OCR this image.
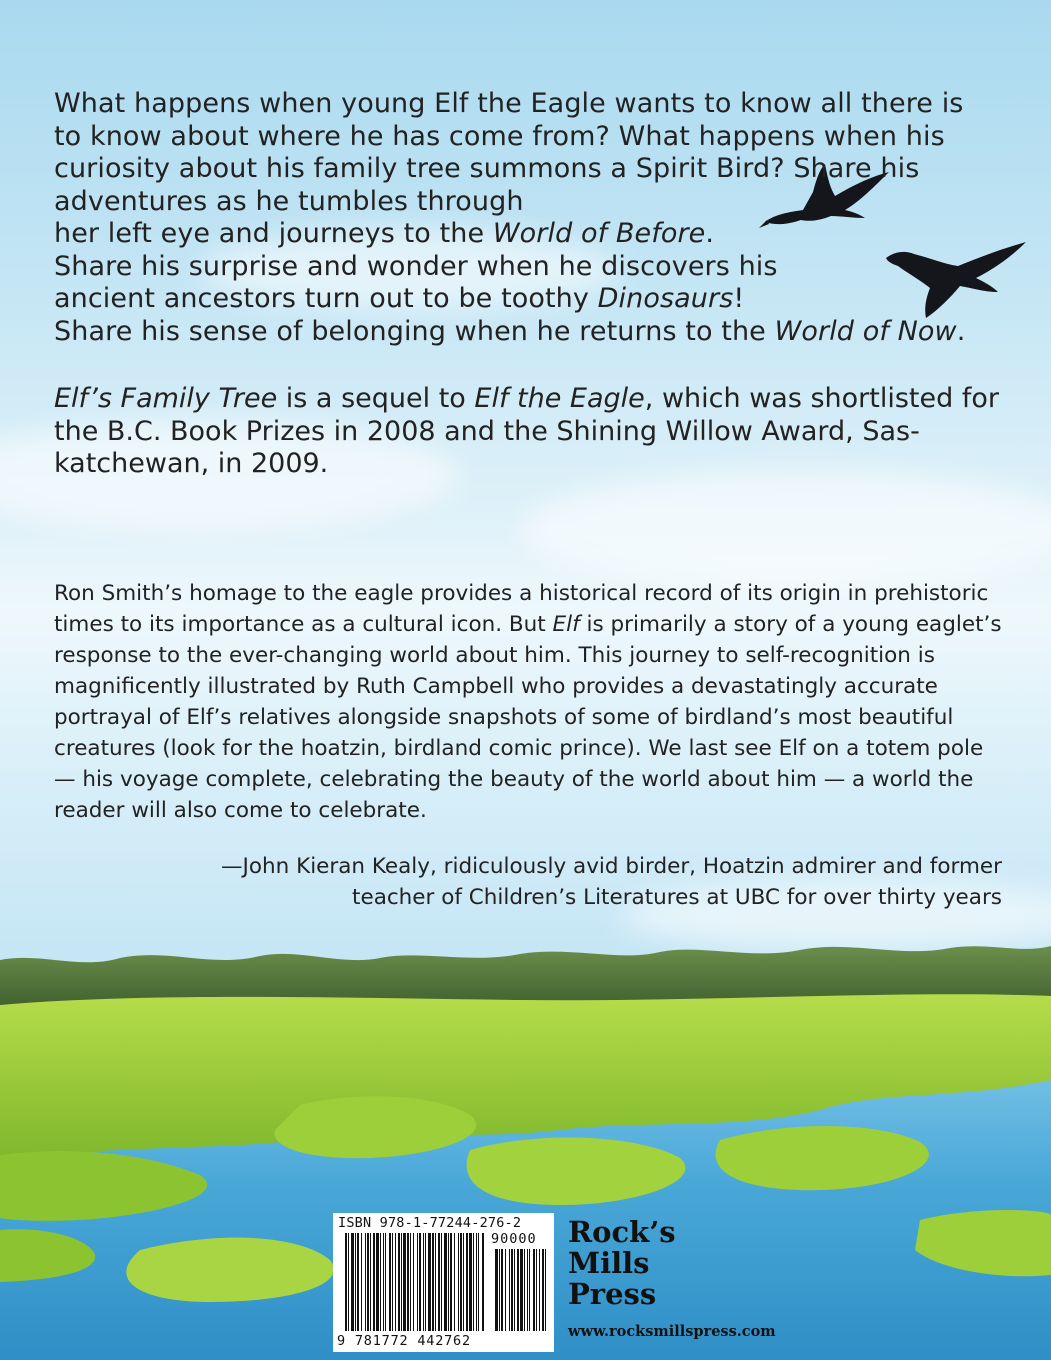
What happens when young Elf the Eagle wants to know all there is to know about where he has come from? What happens when his curiosity about his family tree summons a Spirit Bird? Share his adventures as he tumbles through
her left eye and journeys to the World of Before.
Share his surprise and wonder when he discovers his
ancient ancestors turn out to be toothy Dinosaurs!
Share his sense of belonging when he returns to the World of Now.

Elf’s Family Tree is a sequel to Elf the Eagle, which was shortlisted for the B.C. Book Prizes in 2008 and the Shining Willow Award, Saskatchewan, in 2009.

Ron Smith’s homage to the eagle provides a historical record of its origin in prehistoric times to its importance as a cultural icon. But Elf is primarily a story of a young eaglet’s response to the ever-changing world about him. This journey to self-recognition is magnificently illustrated by Ruth Campbell who provides a devastatingly accurate portrayal of Elf’s relatives alongside snapshots of some of birdland’s most beautiful creatures (look for the hoatzin, birdland comic prince). We last see Elf on a totem pole — his voyage complete, celebrating the beauty of the world about him — a world the reader will also come to celebrate.

—John Kieran Kealy, ridiculously avid birder, Hoatzin admirer and former
teacher of Children’s Literatures at UBC for over thirty years

ISBN 978-1-77244-276-2
90000
9 781772 442762

Rock’s
Mills
Press

www.rocksmillspress.com
